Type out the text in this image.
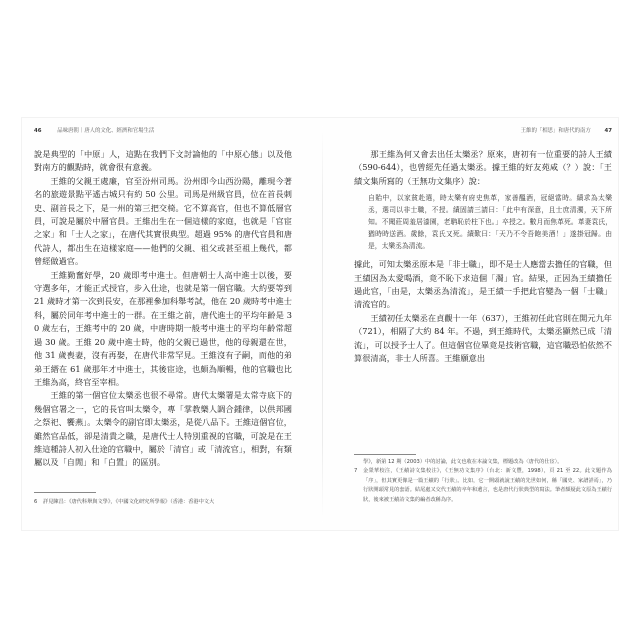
46	品味唐朝｜唐人的文化、經濟和官場生活

說是典型的「中原」人，這點在我們下文討論他的「中原心態」以及他對南方的觀點時，就會很有意義。

王維的父親王處廉，官至汾州司馬。汾州即今山西汾陽，離現今著名的旅遊景點平遙古城只有約 50 公里。司馬是州級官員，位在首長刺史、副首長之下，是一州的第三把交椅。它不算高官，但也不算低層官員，可說是屬於中層官員。王維出生在一個這樣的家庭，也就是「官宦之家」和「士人之家」，在唐代其實很典型。超過 95% 的唐代官員和唐代詩人，都出生在這樣家庭——他們的父親、祖父或甚至祖上幾代，都曾經做過官。

王維勤奮好學，20 歲即考中進士。但唐朝士人高中進士以後，要守選多年，才能正式授官，步入仕途，也就是第一個官職。大約要等到 21 歲時才第一次到長安，在那裡參加科舉考試，他在 20 歲時考中進士科，屬於同年考中進士的一群。在王維之前，唐代進士的平均年齡是 30 歲左右，王維考中的 20 歲，中唐時期一般考中進士的平均年齡常超過 30 歲。王維 20 歲中進士時，他的父親已過世，他的母親還在世，他 31 歲喪妻，沒有再娶，在唐代非常罕見。王維沒有子嗣，而他的弟弟王縉在 61 歲那年才中進士，其後宦途，也頗為順暢，他的官職也比王維為高，終官至宰相。

王維的第一個官位太樂丞也很不尋常。唐代太樂署是太常寺底下的幾個官署之一，它的長官叫太樂令，專「掌教樂人調合鍾律，以供邦國之祭祀、饗燕」。太樂令的副官即太樂丞，是從八品下。王維這個官位，雖然官品低，卻是清貴之職，是唐代士人特別重視的官職，可說是在王維這種詩人初入仕途的官職中，屬於「清官」或「清流官」，相對，有類屬以及「自閒」和「白置」的區別。

6	詳見陳昌：《唐代科舉與文學》，《中國文化研究所學報》（香港：香港中文大
王維的「相思」和唐代的南方	47

那王維為何又會去出任太樂丞？原來，唐初有一位重要的詩人王績（590-644），也曾經先任過太樂丞。據王維的好友苑咸（？）說：「王績文集所寫的（王無功文集序）說：

自貽中，以家貧赴選，時太樂有府史焦革，家善醞酒，冠絕當時。績求為太樂丞，選司以非士職，不授。績固請三請曰：「此中有深意，且士庶清濁，天下所知。不聞莊周羞居漆園，老聃恥於柱下也。」卒授之。數月而焦革死。革妻袁氏，猶時時送酒。歲餘，袁氏又死。績歎曰：「天乃不令吾飽美酒！」遂掛冠歸。由是，太樂丞為清流。

據此，可知太樂丞原本是「非士職」，即不是士人應當去擔任的官職，但王績因為太愛喝酒，竟不恥下求這個「濁」官。結果，正因為王績擔任過此官，「由是，太樂丞為清流」，是王績一手把此官變為一個「士職」清流官的。

王績初任太樂丞在貞觀十一年（637），王維初任此官則在開元九年（721），相隔了大約 84 年。不過，到王維時代，太樂丞顯然已成「清流」，可以授予士人了。但這個官位畢竟是技術官職，這官職恐怕依然不算很清高，非士人所喜。王維願意出

學》，新第 12 期（2003）中的討論，此文也收在本論文集，標題改為〈唐代的仕宦〉。
7	金榮華校注，《王績詩文集校注》，《王無功文集序》（台北：新文豐，1998），頁 21 至 22。此文題作為「序」，但其實更像是一篇王績的「行狀」。比如，它一開頭就說王績的先世如何，稱「國史、家譜詳焉」，乃行狀開頭常見的套語。結尾處又交代王績的卒年和遺言，也是唐代行狀典型的寫法。筆者頗疑此文原為王績行狀，後來被王績詩文集的編者改稱為序。
